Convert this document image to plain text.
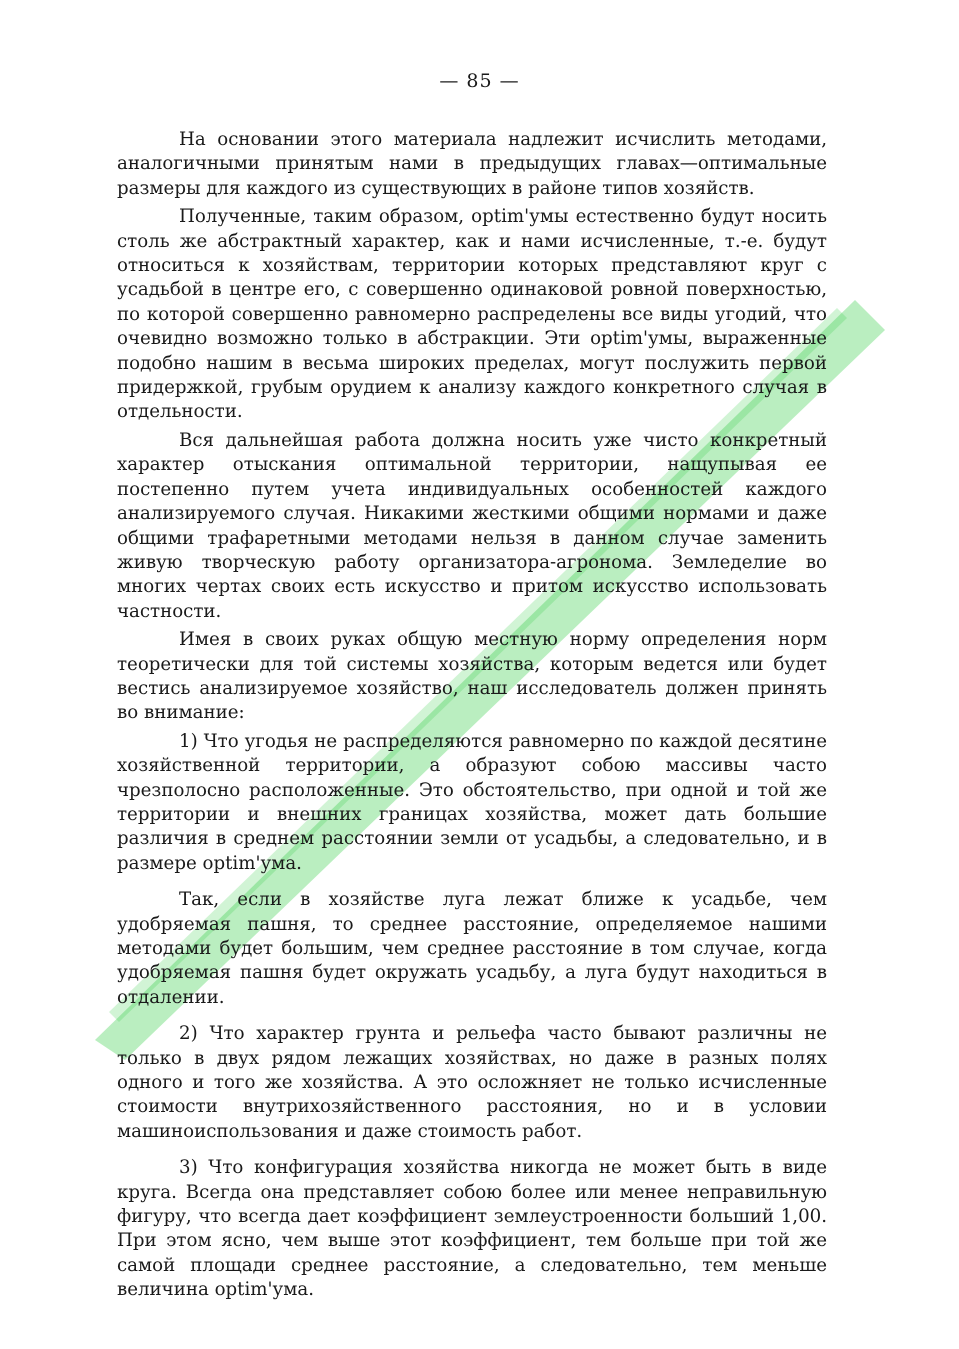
— 85 —

На основании этого материала надлежит исчислить методами, аналогичными принятым нами в предыдущих главах—оптимальные размеры для каждого из существующих в районе типов хозяйств.

Полученные, таким образом, optim'умы естественно будут носить столь же абстрактный характер, как и нами исчисленные, т.-е. будут относиться к хозяйствам, территории которых представляют круг с усадьбой в центре его, с совершенно одинаковой ровной поверхностью, по которой совершенно равномерно распределены все виды угодий, что очевидно возможно только в абстракции. Эти optim'умы, выраженные подобно нашим в весьма широких пределах, могут послужить первой придержкой, грубым орудием к анализу каждого конкретного случая в отдельности.

Вся дальнейшая работа должна носить уже чисто конкретный характер отыскания оптимальной территории, нащупывая ее постепенно путем учета индивидуальных особенностей каждого анализируемого случая. Никакими жесткими общими нормами и даже общими трафаретными методами нельзя в данном случае заменить живую творческую работу организатора-агронома. Земледелие во многих чертах своих есть искусство и притом искусство использовать частности.

Имея в своих руках общую местную норму определения норм теоретически для той системы хозяйства, которым ведется или будет вестись анализируемое хозяйство, наш исследователь должен принять во внимание:

1) Что угодья не распределяются равномерно по каждой десятине хозяйственной территории, а образуют собою массивы часто чрезполосно расположенные. Это обстоятельство, при одной и той же территории и внешних границах хозяйства, может дать большие различия в среднем расстоянии земли от усадьбы, а следовательно, и в размере optim'ума.

Так, если в хозяйстве луга лежат ближе к усадьбе, чем удобряемая пашня, то среднее расстояние, определяемое нашими методами будет большим, чем среднее расстояние в том случае, когда удобряемая пашня будет окружать усадьбу, а луга будут находиться в отдалении.

2) Что характер грунта и рельефа часто бывают различны не только в двух рядом лежащих хозяйствах, но даже в разных полях одного и того же хозяйства. А это осложняет не только исчисленные стоимости внутрихозяйственного расстояния, но и в условии машиноиспользования и даже стоимость работ.

3) Что конфигурация хозяйства никогда не может быть в виде круга. Всегда она представляет собою более или менее неправильную фигуру, что всегда дает коэффициент землеустроенности больший 1,00. При этом ясно, чем выше этот коэффициент, тем больше при той же самой площади среднее расстояние, а следовательно, тем меньше величина optim'ума.
